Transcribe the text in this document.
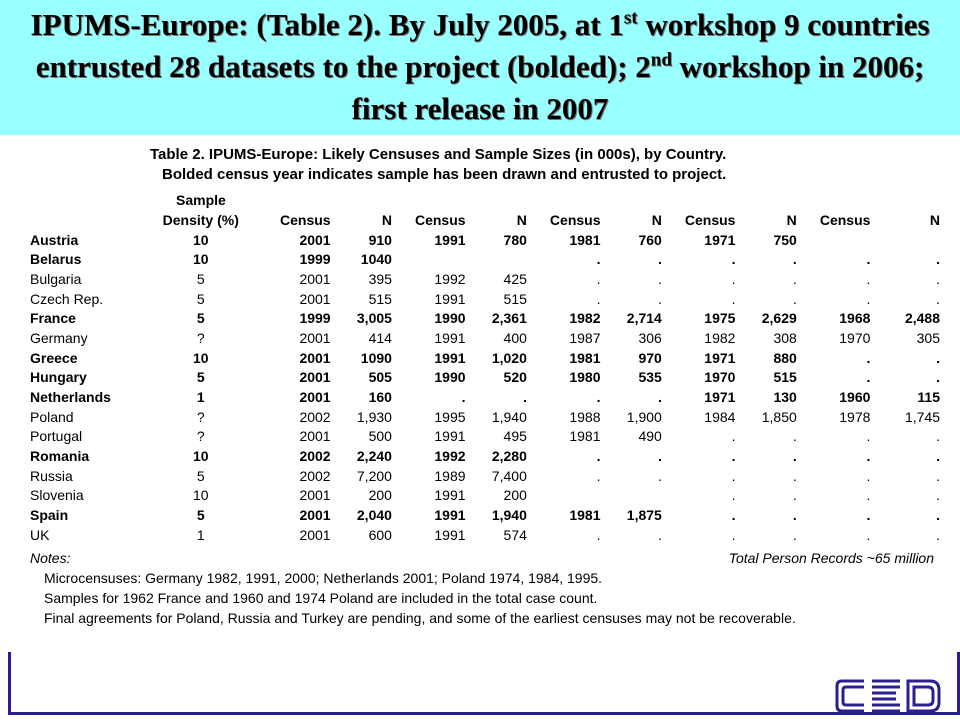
IPUMS-Europe: (Table 2). By July 2005, at 1st workshop 9 countries entrusted 28 datasets to the project (bolded); 2nd workshop in 2006; first release in 2007
Table 2. IPUMS-Europe: Likely Censuses and Sample Sizes (in 000s), by Country.
Bolded census year indicates sample has been drawn and entrusted to project.
Sample
	Density (%)	Census	N	Census	N	Census	N	Census	N	Census	N
Austria	10	2001	910	1991	780	1981	760	1971	750		
Belarus	10	1999	1040			.	.	.	.	.	.
Bulgaria	5	2001	395	1992	425	.	.	.	.	.	.
Czech Rep.	5	2001	515	1991	515	.	.	.	.	.	.
France	5	1999	3,005	1990	2,361	1982	2,714	1975	2,629	1968	2,488
Germany	?	2001	414	1991	400	1987	306	1982	308	1970	305
Greece	10	2001	1090	1991	1,020	1981	970	1971	880	.	.
Hungary	5	2001	505	1990	520	1980	535	1970	515	.	.
Netherlands	1	2001	160	.	.	.	.	1971	130	1960	115
Poland	?	2002	1,930	1995	1,940	1988	1,900	1984	1,850	1978	1,745
Portugal	?	2001	500	1991	495	1981	490	.	.	.	.
Romania	10	2002	2,240	1992	2,280	.	.	.	.	.	.
Russia	5	2002	7,200	1989	7,400	.	.	.	.	.	.
Slovenia	10	2001	200	1991	200			.	.	.	.
Spain	5	2001	2,040	1991	1,940	1981	1,875	.	.	.	.
UK	1	2001	600	1991	574	.	.	.	.	.	.
Notes:	Total Person Records ~65 million
Microcensuses: Germany 1982, 1991, 2000; Netherlands 2001; Poland 1974, 1984, 1995.
Samples for 1962 France and 1960 and 1974 Poland are included in the total case count.
Final agreements for Poland, Russia and Turkey are pending, and some of the earliest censuses may not be recoverable.
